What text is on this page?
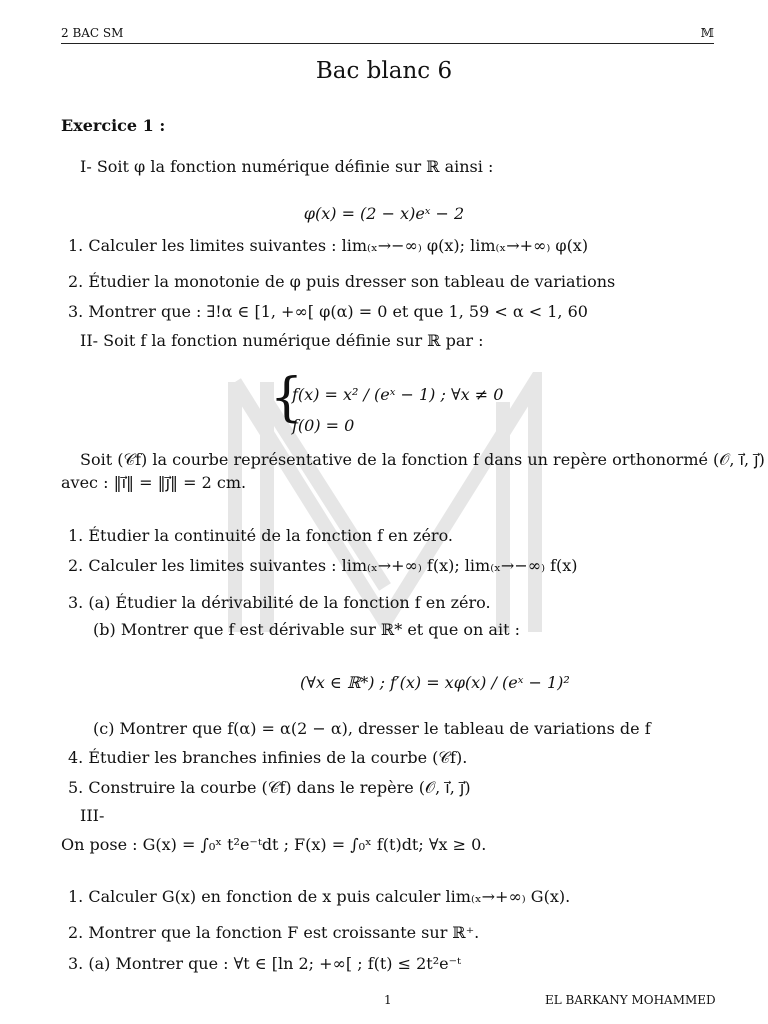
2 BAC SM	𝕄
Bac blanc 6
Exercice 1 :
I- Soit φ la fonction numérique définie sur ℝ ainsi :
φ(x) = (2 − x)eˣ − 2
1. Calculer les limites suivantes : lim₍ₓ→−∞₎ φ(x); lim₍ₓ→+∞₎ φ(x)
2. Étudier la monotonie de φ puis dresser son tableau de variations
3. Montrer que : ∃!α ∈ [1, +∞[ φ(α) = 0 et que 1, 59 < α < 1, 60
II- Soit f la fonction numérique définie sur ℝ par :
{
f(x) = x² / (eˣ − 1) ; ∀x ≠ 0
f(0) = 0
Soit (𝒞f) la courbe représentative de la fonction f dans un repère orthonormé (𝒪, i⃗, j⃗)
avec : ‖i⃗‖ = ‖j⃗‖ = 2 cm.
1. Étudier la continuité de la fonction f en zéro.
2. Calculer les limites suivantes : lim₍ₓ→+∞₎ f(x); lim₍ₓ→−∞₎ f(x)
3. (a) Étudier la dérivabilité de la fonction f en zéro.
(b) Montrer que f est dérivable sur ℝ* et que on ait :
(∀x ∈ ℝ*) ; f′(x) = xφ(x) / (eˣ − 1)²
(c) Montrer que f(α) = α(2 − α), dresser le tableau de variations de f
4. Étudier les branches infinies de la courbe (𝒞f).
5. Construire la courbe (𝒞f) dans le repère (𝒪, i⃗, j⃗)
III-
On pose : G(x) = ∫₀ˣ t²e⁻ᵗdt ; F(x) = ∫₀ˣ f(t)dt; ∀x ≥ 0.
1. Calculer G(x) en fonction de x puis calculer lim₍ₓ→+∞₎ G(x).
2. Montrer que la fonction F est croissante sur ℝ⁺.
3. (a) Montrer que : ∀t ∈ [ln 2; +∞[ ; f(t) ≤ 2t²e⁻ᵗ
1	EL BARKANY MOHAMMED
